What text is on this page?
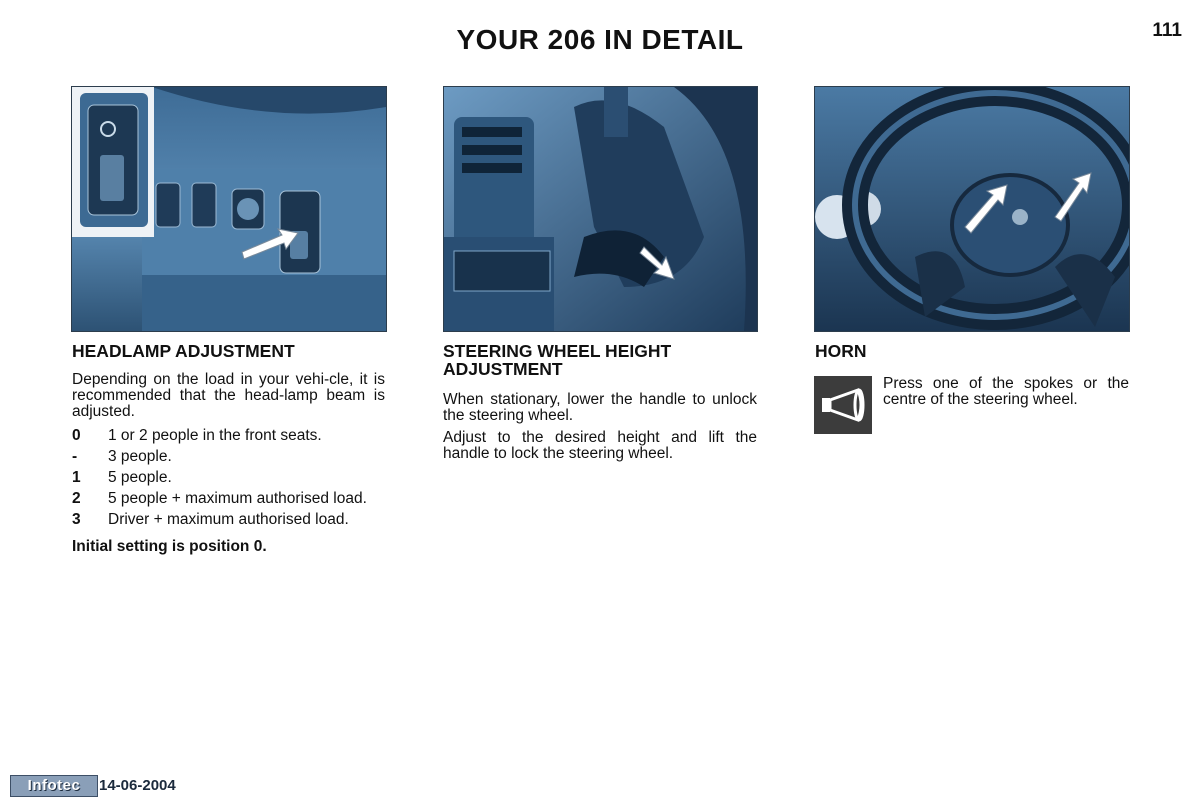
YOUR 206 IN DETAIL	111
HEADLAMP ADJUSTMENT

Depending on the load in your vehi-cle, it is recommended that the head-lamp beam is adjusted.

0	1 or 2 people in the front seats.
-	3 people.
1	5 people.
2	5 people + maximum authorised load.
3	Driver + maximum authorised load.
Initial setting is position 0.
STEERING WHEEL HEIGHT ADJUSTMENT

When stationary, lower the handle to unlock the steering wheel.

Adjust to the desired height and lift the handle to lock the steering wheel.

HORN
Press one of the spokes or the centre of the steering wheel.
Infotec	14-06-2004
